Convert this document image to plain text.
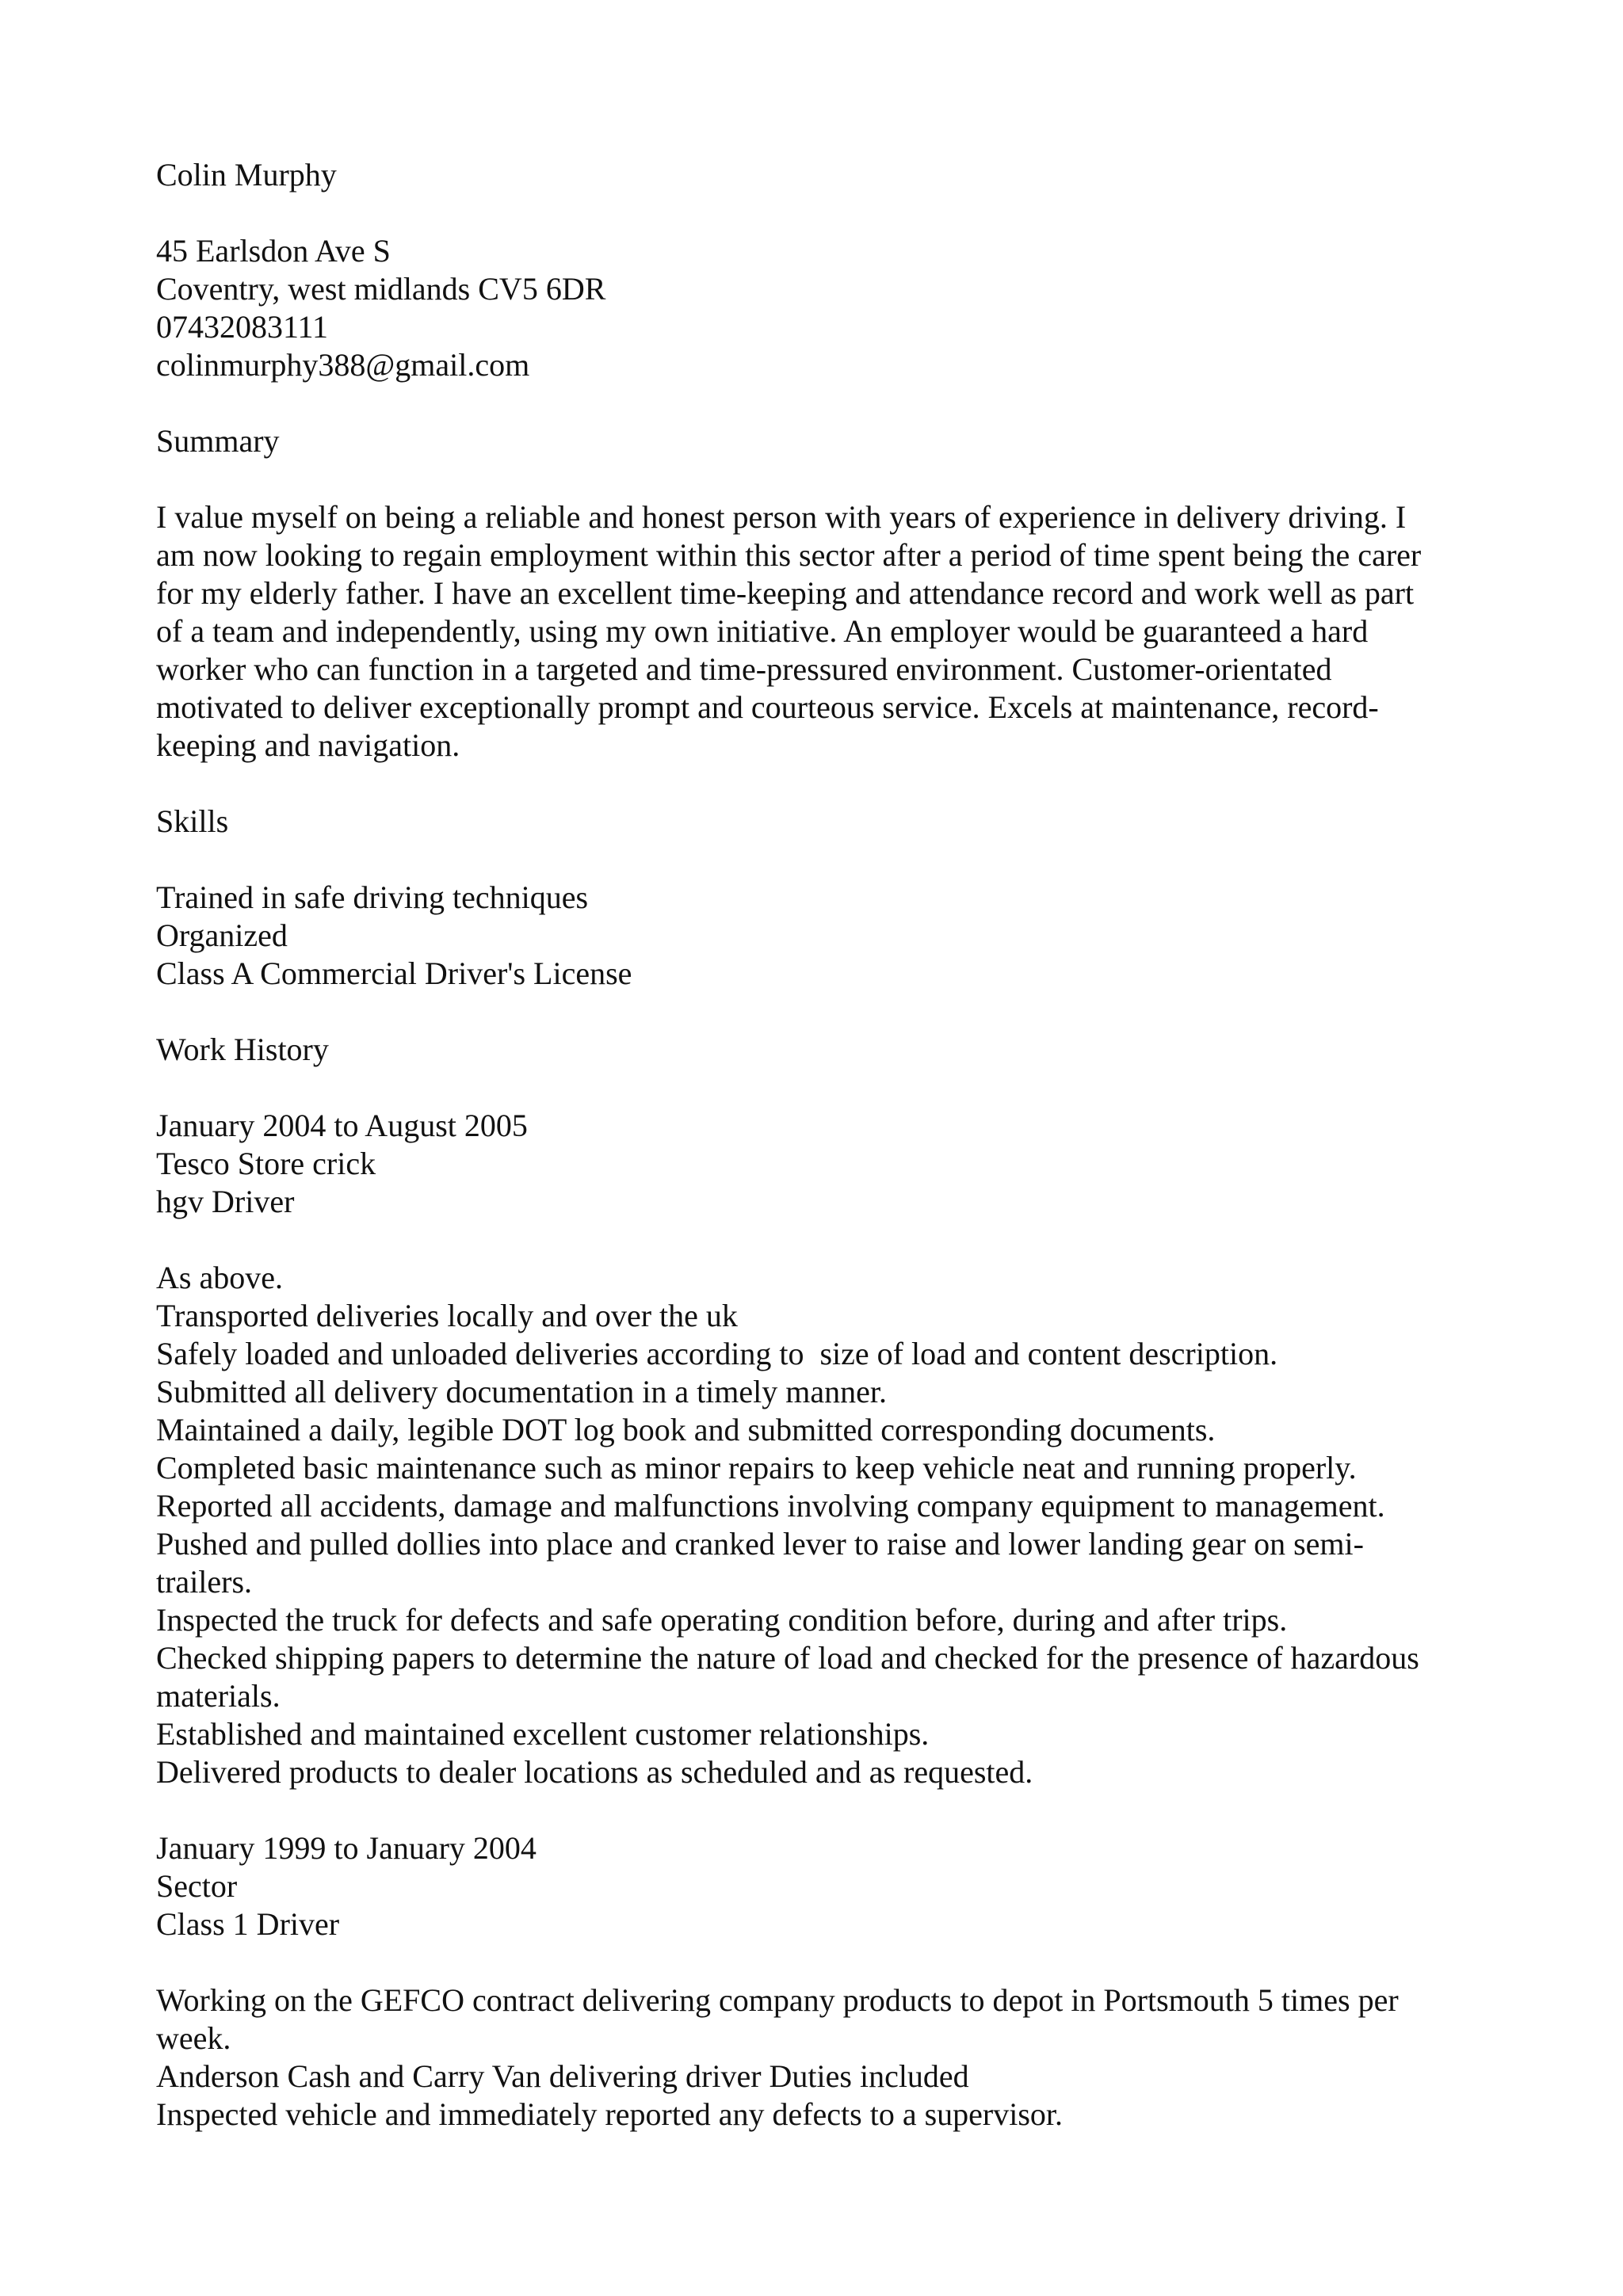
Colin Murphy
45 Earlsdon Ave S
Coventry, west midlands CV5 6DR
07432083111
colinmurphy388@gmail.com
Summary
I value myself on being a reliable and honest person with years of experience in delivery driving. I
am now looking to regain employment within this sector after a period of time spent being the carer
for my elderly father. I have an excellent time-keeping and attendance record and work well as part
of a team and independently, using my own initiative. An employer would be guaranteed a hard
worker who can function in a targeted and time-pressured environment. Customer-orientated
motivated to deliver exceptionally prompt and courteous service. Excels at maintenance, record-
keeping and navigation.
Skills
Trained in safe driving techniques
Organized
Class A Commercial Driver's License
Work History
January 2004 to August 2005
Tesco Store crick
hgv Driver
As above.
Transported deliveries locally and over the uk
Safely loaded and unloaded deliveries according to  size of load and content description.
Submitted all delivery documentation in a timely manner.
Maintained a daily, legible DOT log book and submitted corresponding documents.
Completed basic maintenance such as minor repairs to keep vehicle neat and running properly.
Reported all accidents, damage and malfunctions involving company equipment to management.
Pushed and pulled dollies into place and cranked lever to raise and lower landing gear on semi-
trailers.
Inspected the truck for defects and safe operating condition before, during and after trips.
Checked shipping papers to determine the nature of load and checked for the presence of hazardous
materials.
Established and maintained excellent customer relationships.
Delivered products to dealer locations as scheduled and as requested.
January 1999 to January 2004
Sector
Class 1 Driver
Working on the GEFCO contract delivering company products to depot in Portsmouth 5 times per
week.
Anderson Cash and Carry Van delivering driver Duties included
Inspected vehicle and immediately reported any defects to a supervisor.
